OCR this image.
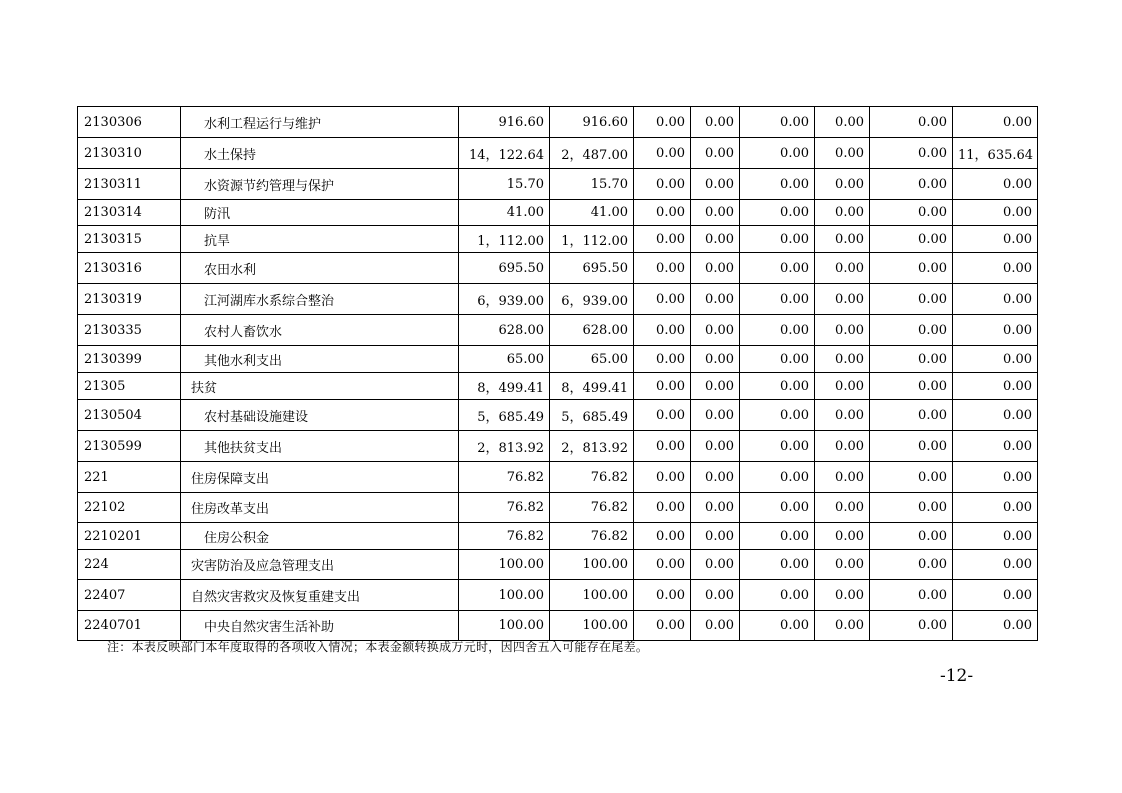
2130306	水利工程运行与维护	916.60	916.60	0.00	0.00	0.00	0.00	0.00	0.00
2130310	水土保持	14，122.64	2，487.00	0.00	0.00	0.00	0.00	0.00	11，635.64
2130311	水资源节约管理与保护	15.70	15.70	0.00	0.00	0.00	0.00	0.00	0.00
2130314	防汛	41.00	41.00	0.00	0.00	0.00	0.00	0.00	0.00
2130315	抗旱	1，112.00	1，112.00	0.00	0.00	0.00	0.00	0.00	0.00
2130316	农田水利	695.50	695.50	0.00	0.00	0.00	0.00	0.00	0.00
2130319	江河湖库水系综合整治	6，939.00	6，939.00	0.00	0.00	0.00	0.00	0.00	0.00
2130335	农村人畜饮水	628.00	628.00	0.00	0.00	0.00	0.00	0.00	0.00
2130399	其他水利支出	65.00	65.00	0.00	0.00	0.00	0.00	0.00	0.00
21305	扶贫	8，499.41	8，499.41	0.00	0.00	0.00	0.00	0.00	0.00
2130504	农村基础设施建设	5，685.49	5，685.49	0.00	0.00	0.00	0.00	0.00	0.00
2130599	其他扶贫支出	2，813.92	2，813.92	0.00	0.00	0.00	0.00	0.00	0.00
221	住房保障支出	76.82	76.82	0.00	0.00	0.00	0.00	0.00	0.00
22102	住房改革支出	76.82	76.82	0.00	0.00	0.00	0.00	0.00	0.00
2210201	住房公积金	76.82	76.82	0.00	0.00	0.00	0.00	0.00	0.00
224	灾害防治及应急管理支出	100.00	100.00	0.00	0.00	0.00	0.00	0.00	0.00
22407	自然灾害救灾及恢复重建支出	100.00	100.00	0.00	0.00	0.00	0.00	0.00	0.00
2240701	中央自然灾害生活补助	100.00	100.00	0.00	0.00	0.00	0.00	0.00	0.00
注：本表反映部门本年度取得的各项收入情况；本表金额转换成万元时，因四舍五入可能存在尾差。
-12-
